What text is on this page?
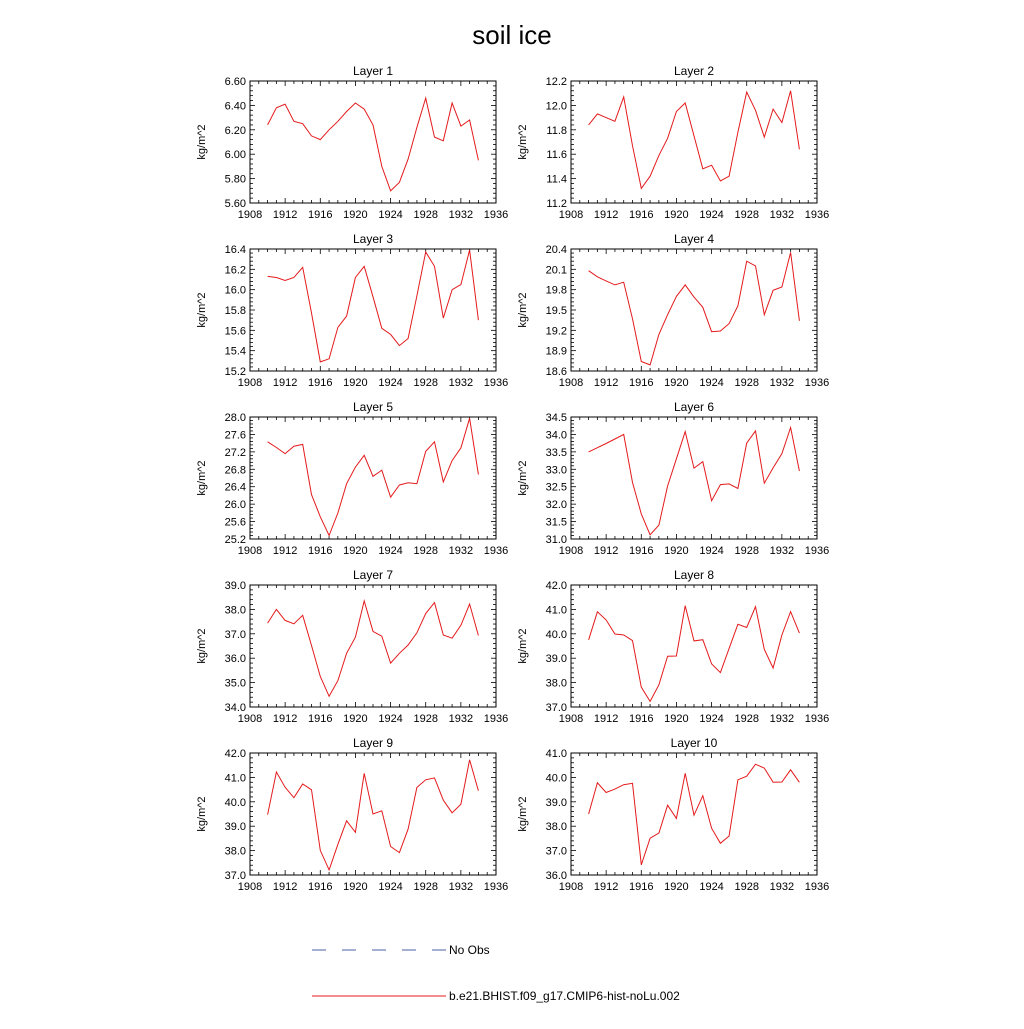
soil ice
Layer 1
1908 1912 1916 1920 1924 1928 1932 1936
5.60
5.80
6.00
6.20
6.40
6.60
kg/m^2
Layer 2
1908 1912 1916 1920 1924 1928 1932 1936
11.2
11.4
11.6
11.8
12.0
12.2
kg/m^2
Layer 3
1908 1912 1916 1920 1924 1928 1932 1936
15.2
15.4
15.6
15.8
16.0
16.2
16.4
kg/m^2
Layer 4
1908 1912 1916 1920 1924 1928 1932 1936
18.6
18.9
19.2
19.5
19.8
20.1
20.4
kg/m^2
Layer 5
1908 1912 1916 1920 1924 1928 1932 1936
25.2
25.6
26.0
26.4
26.8
27.2
27.6
28.0
kg/m^2
Layer 6
1908 1912 1916 1920 1924 1928 1932 1936
31.0
31.5
32.0
32.5
33.0
33.5
34.0
34.5
kg/m^2
Layer 7
1908 1912 1916 1920 1924 1928 1932 1936
34.0
35.0
36.0
37.0
38.0
39.0
kg/m^2
Layer 8
1908 1912 1916 1920 1924 1928 1932 1936
37.0
38.0
39.0
40.0
41.0
42.0
kg/m^2
Layer 9
1908 1912 1916 1920 1924 1928 1932 1936
37.0
38.0
39.0
40.0
41.0
42.0
kg/m^2
Layer 10
1908 1912 1916 1920 1924 1928 1932 1936
36.0
37.0
38.0
39.0
40.0
41.0
kg/m^2
No Obs
b.e21.BHIST.f09_g17.CMIP6-hist-noLu.002
